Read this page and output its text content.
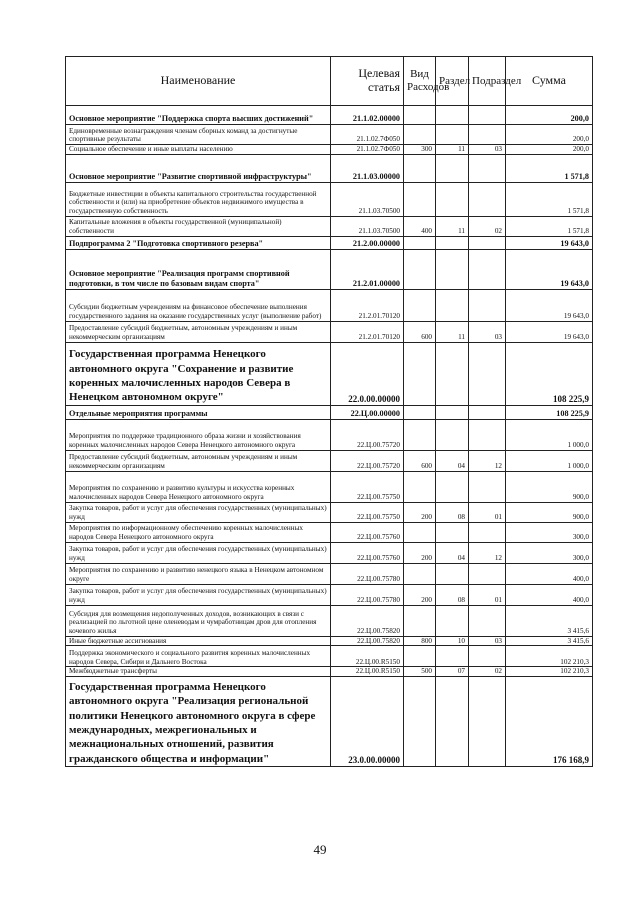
Наименование	Целевая статья	Вид Расходов	Раздел	Подраздел	Сумма
Основное мероприятие "Поддержка спорта высших достижений"	21.1.02.00000				200,0
Единовременные вознаграждения членам сборных команд за достигнутые спортивные результаты	21.1.02.7Ф050				200,0
Социальное обеспечение и иные выплаты населению	21.1.02.7Ф050	300	11	03	200,0
Основное мероприятие "Развитие спортивной инфраструктуры"	21.1.03.00000				1 571,8
Бюджетные инвестиции в объекты капитального строительства государственной собственности и (или) на приобретение объектов недвижимого имущества в государственную собственность	21.1.03.70500				1 571,8
Капитальные вложения в объекты государственной (муниципальной) собственности	21.1.03.70500	400	11	02	1 571,8
Подпрограмма 2 "Подготовка спортивного резерва"	21.2.00.00000				19 643,0
Основное мероприятие "Реализация программ спортивной подготовки, в том числе по базовым видам спорта"	21.2.01.00000				19 643,0
Субсидии бюджетным учреждениям на финансовое обеспечение выполнения государственного задания на оказание государственных услуг (выполнение работ)	21.2.01.70120				19 643,0
Предоставление субсидий бюджетным, автономным учреждениям и иным некоммерческим организациям	21.2.01.70120	600	11	03	19 643,0
Государственная программа Ненецкого автономного округа "Сохранение и развитие коренных малочисленных народов Севера в Ненецком автономном округе"	22.0.00.00000				108 225,9
Отдельные мероприятия программы	22.Ц.00.00000				108 225,9
Мероприятия по поддержке традиционного образа жизни и хозяйствования коренных малочисленных народов Севера Ненецкого автономного округа	22.Ц.00.75720				1 000,0
Предоставление субсидий бюджетным, автономным учреждениям и иным некоммерческим организациям	22.Ц.00.75720	600	04	12	1 000,0
Мероприятия по сохранению и развитию культуры и искусства коренных малочисленных народов Севера Ненецкого автономного округа	22.Ц.00.75750				900,0
Закупка товаров, работ и услуг для обеспечения государственных (муниципальных) нужд	22.Ц.00.75750	200	08	01	900,0
Мероприятия по информационному обеспечению коренных малочисленных народов Севера Ненецкого автономного округа	22.Ц.00.75760				300,0
Закупка товаров, работ и услуг для обеспечения государственных (муниципальных) нужд	22.Ц.00.75760	200	04	12	300,0
Мероприятия по сохранению и развитию ненецкого языка в Ненецком автономном округе	22.Ц.00.75780				400,0
Закупка товаров, работ и услуг для обеспечения государственных (муниципальных) нужд	22.Ц.00.75780	200	08	01	400,0
Субсидия для возмещения недополученных доходов, возникающих в связи с реализацией по льготной цене оленеводам и чумработницам дров для отопления кочевого жилья	22.Ц.00.75820				3 415,6
Иные бюджетные ассигнования	22.Ц.00.75820	800	10	03	3 415,6
Поддержка экономического и социального развития коренных малочисленных народов Севера, Сибири и Дальнего Востока	22.Ц.00.R5150				102 210,3
Межбюджетные трансферты	22.Ц.00.R5150	500	07	02	102 210,3
Государственная программа Ненецкого автономного округа "Реализация региональной политики Ненецкого автономного округа в сфере международных, межрегиональных и межнациональных отношений, развития гражданского общества и информации"	23.0.00.00000				176 168,9
49
